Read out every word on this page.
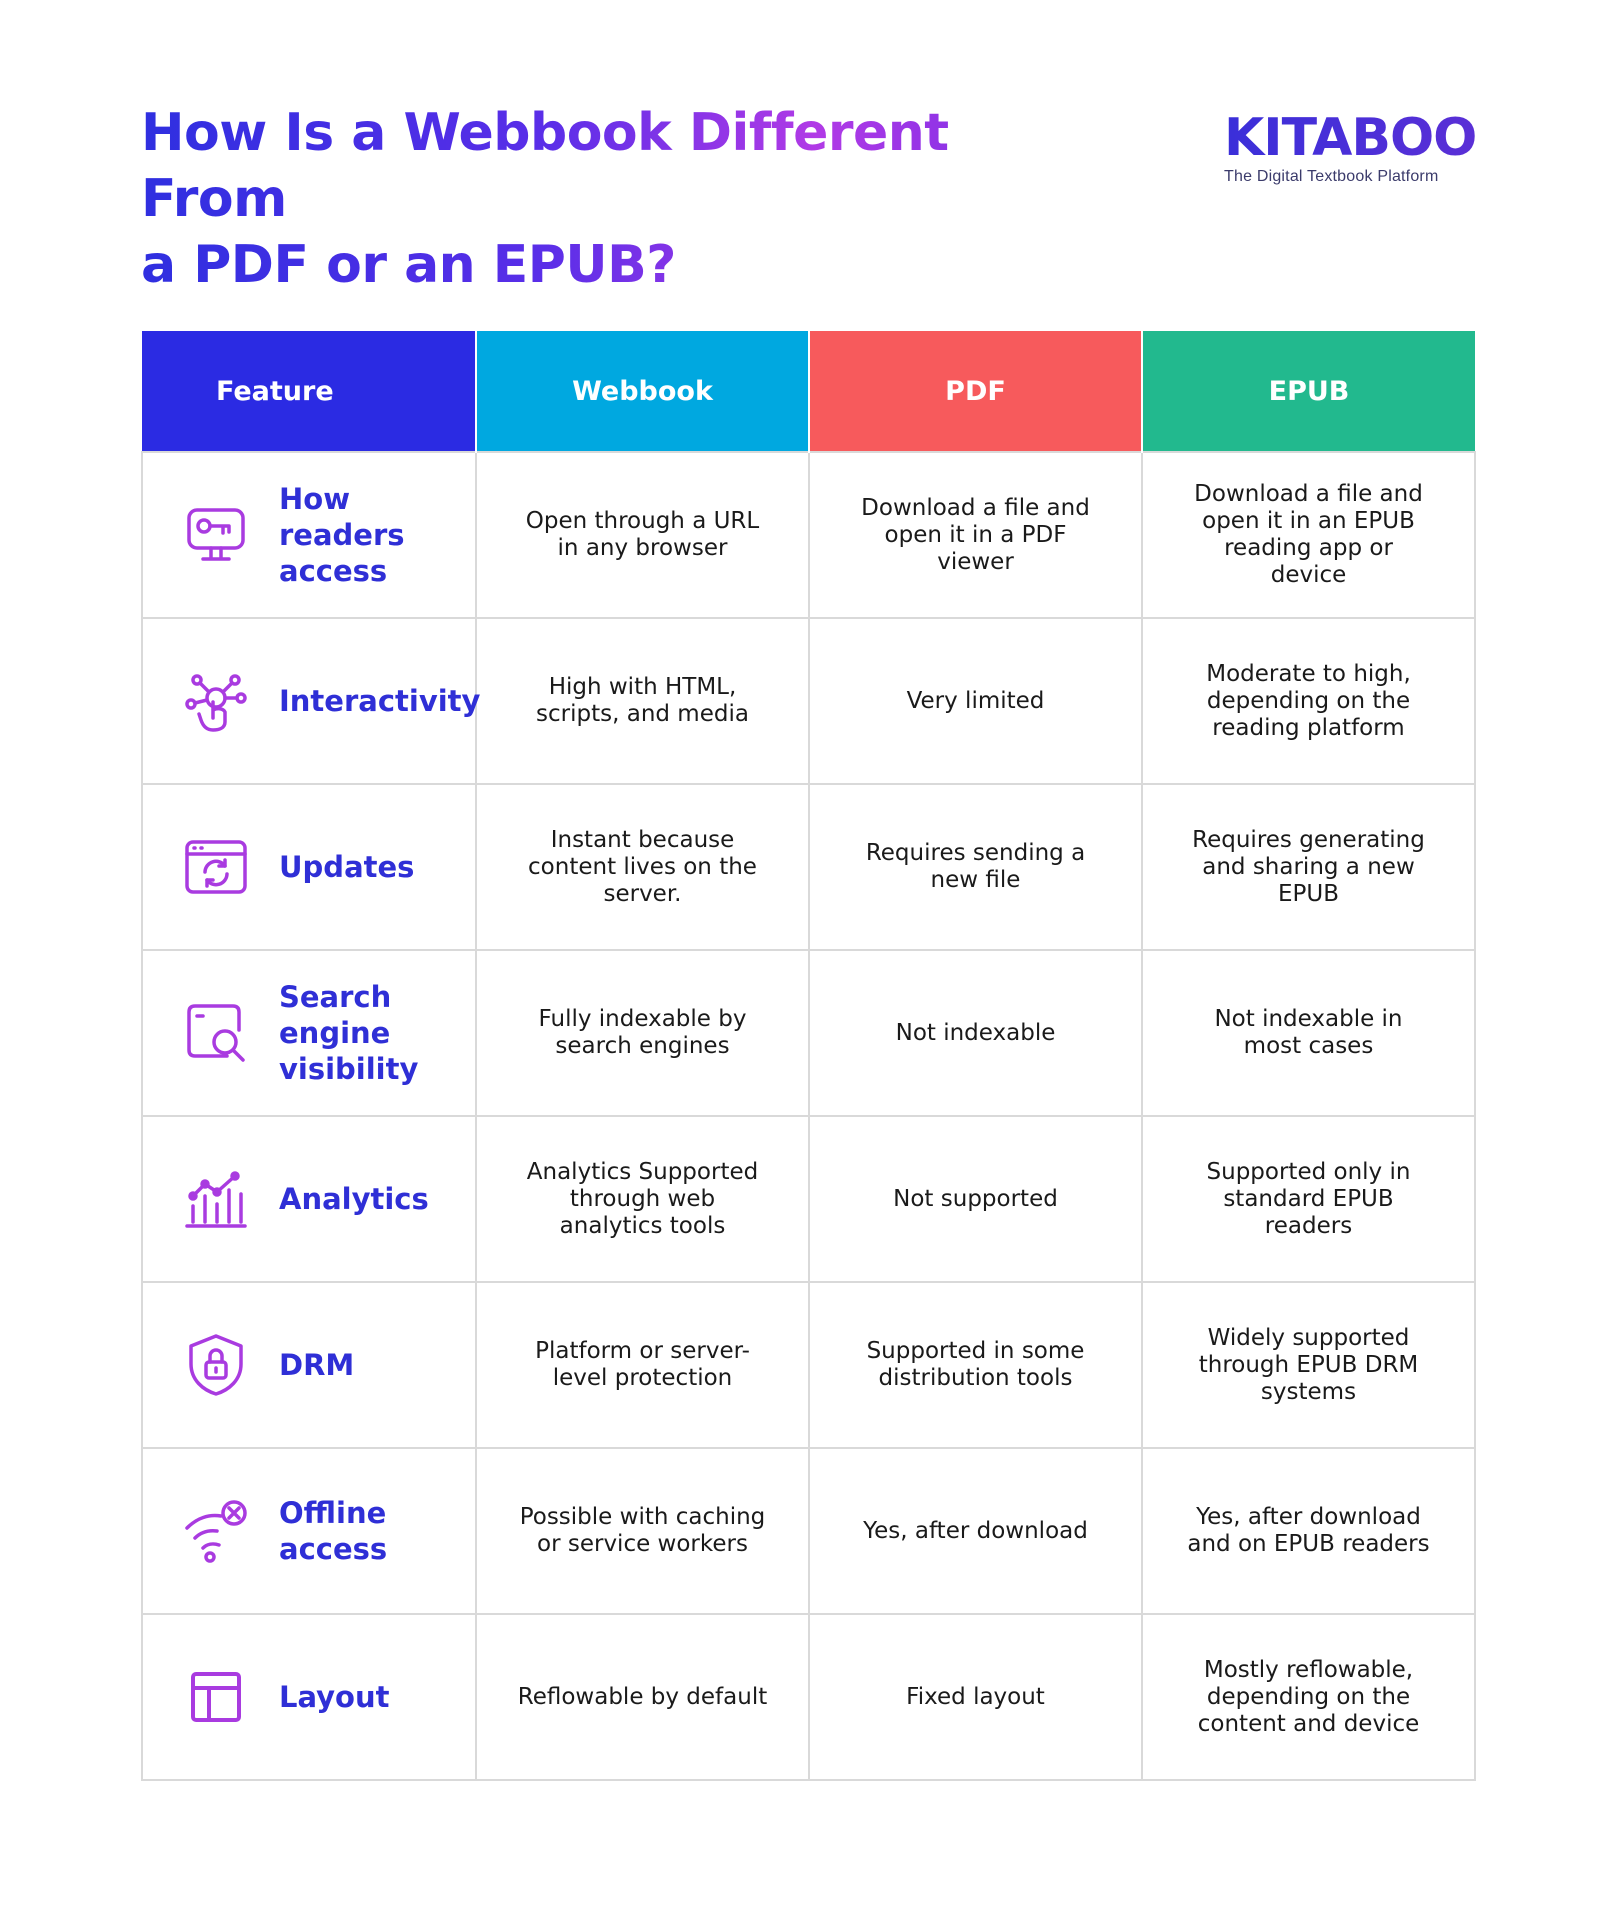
How Is a Webbook Different From
a PDF or an EPUB?
KITABOO
The Digital Textbook Platform
Feature	Webbook	PDF	EPUB

How readers access	Open through a URL in any browser	Download a file and open it in a PDF viewer	Download a file and open it in an EPUB reading app or device

Interactivity	High with HTML, scripts, and media	Very limited	Moderate to high, depending on the reading platform

Updates	Instant because content lives on the server.	Requires sending a new file	Requires generating and sharing a new EPUB

Search engine visibility	Fully indexable by search engines	Not indexable	Not indexable in most cases

Analytics	Analytics Supported through web analytics tools	Not supported	Supported only in standard EPUB readers

DRM	Platform or server-level protection	Supported in some distribution tools	Widely supported through EPUB DRM systems

Offline access	Possible with caching or service workers	Yes, after download	Yes, after download and on EPUB readers

Layout	Reflowable by default	Fixed layout	Mostly reflowable, depending on the content and device
